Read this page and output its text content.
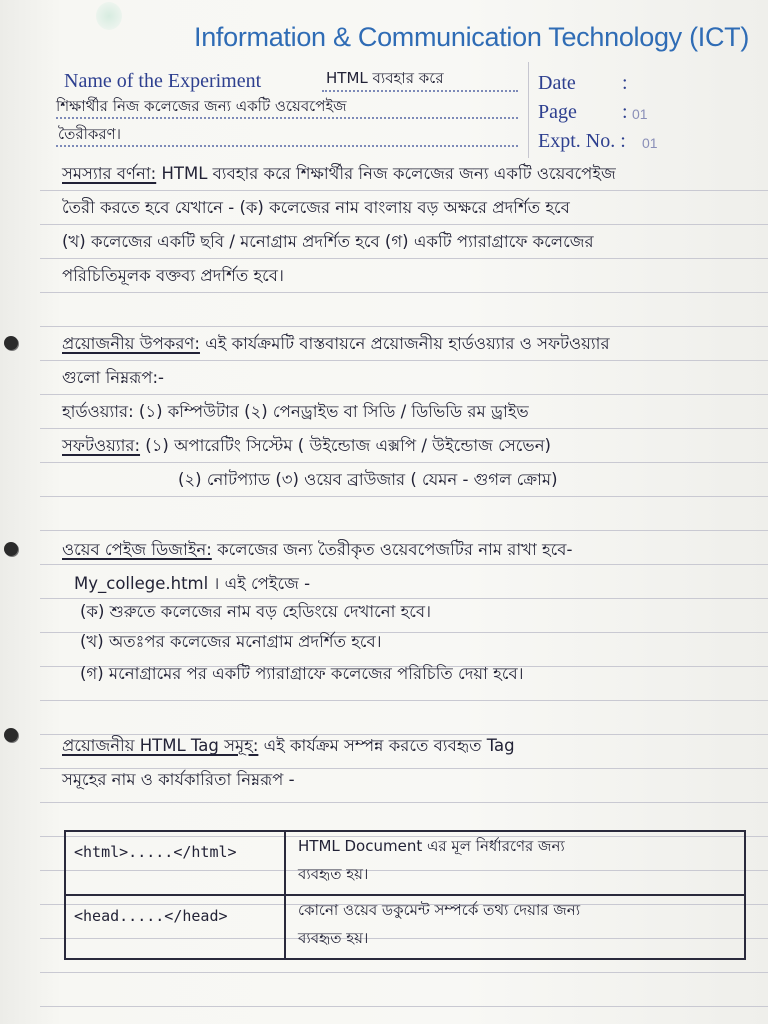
Information & Communication Technology (ICT)
Name of the Experiment	HTML ব্যবহার করে
শিক্ষার্থীর নিজ কলেজের জন্য একটি ওয়েবপেইজ
তৈরীকরণ।
Date :
Page : 01
Expt. No. : 01
সমস্যার বর্ণনা: HTML ব্যবহার করে শিক্ষার্থীর নিজ কলেজের জন্য একটি ওয়েবপেইজ
তৈরী করতে হবে যেখানে - (ক) কলেজের নাম বাংলায় বড় অক্ষরে প্রদর্শিত হবে
(খ) কলেজের একটি ছবি / মনোগ্রাম প্রদর্শিত হবে (গ) একটি প্যারাগ্রাফে কলেজের
পরিচিতিমূলক বক্তব্য প্রদর্শিত হবে।
প্রয়োজনীয় উপকরণ: এই কার্যক্রমটি বাস্তবায়নে প্রয়োজনীয় হার্ডওয়্যার ও সফটওয়্যার
গুলো নিম্নরূপ:-
হার্ডওয়্যার: (১) কম্পিউটার (২) পেনড্রাইভ বা সিডি / ডিভিডি রম ড্রাইভ
সফটওয়্যার: (১) অপারেটিং সিস্টেম ( উইন্ডোজ এক্সপি / উইন্ডোজ সেভেন)
(২) নোটপ্যাড (৩) ওয়েব ব্রাউজার ( যেমন - গুগল ক্রোম)
ওয়েব পেইজ ডিজাইন: কলেজের জন্য তৈরীকৃত ওয়েবপেজটির নাম রাখা হবে-
My_college.html । এই পেইজে -
(ক) শুরুতে কলেজের নাম বড় হেডিংয়ে দেখানো হবে।
(খ) অতঃপর কলেজের মনোগ্রাম প্রদর্শিত হবে।
(গ) মনোগ্রামের পর একটি প্যারাগ্রাফে কলেজের পরিচিতি দেয়া হবে।
প্রয়োজনীয় HTML Tag সমূহ: এই কার্যক্রম সম্পন্ন করতে ব্যবহৃত Tag
সমূহের নাম ও কার্যকারিতা নিম্নরূপ -
<html>.....</html>	HTML Document এর মূল নির্ধারণের জন্য
ব্যবহৃত হয়।
<head.....</head>	কোনো ওয়েব ডকুমেন্ট সম্পর্কে তথ্য দেয়ার জন্য
ব্যবহৃত হয়।
